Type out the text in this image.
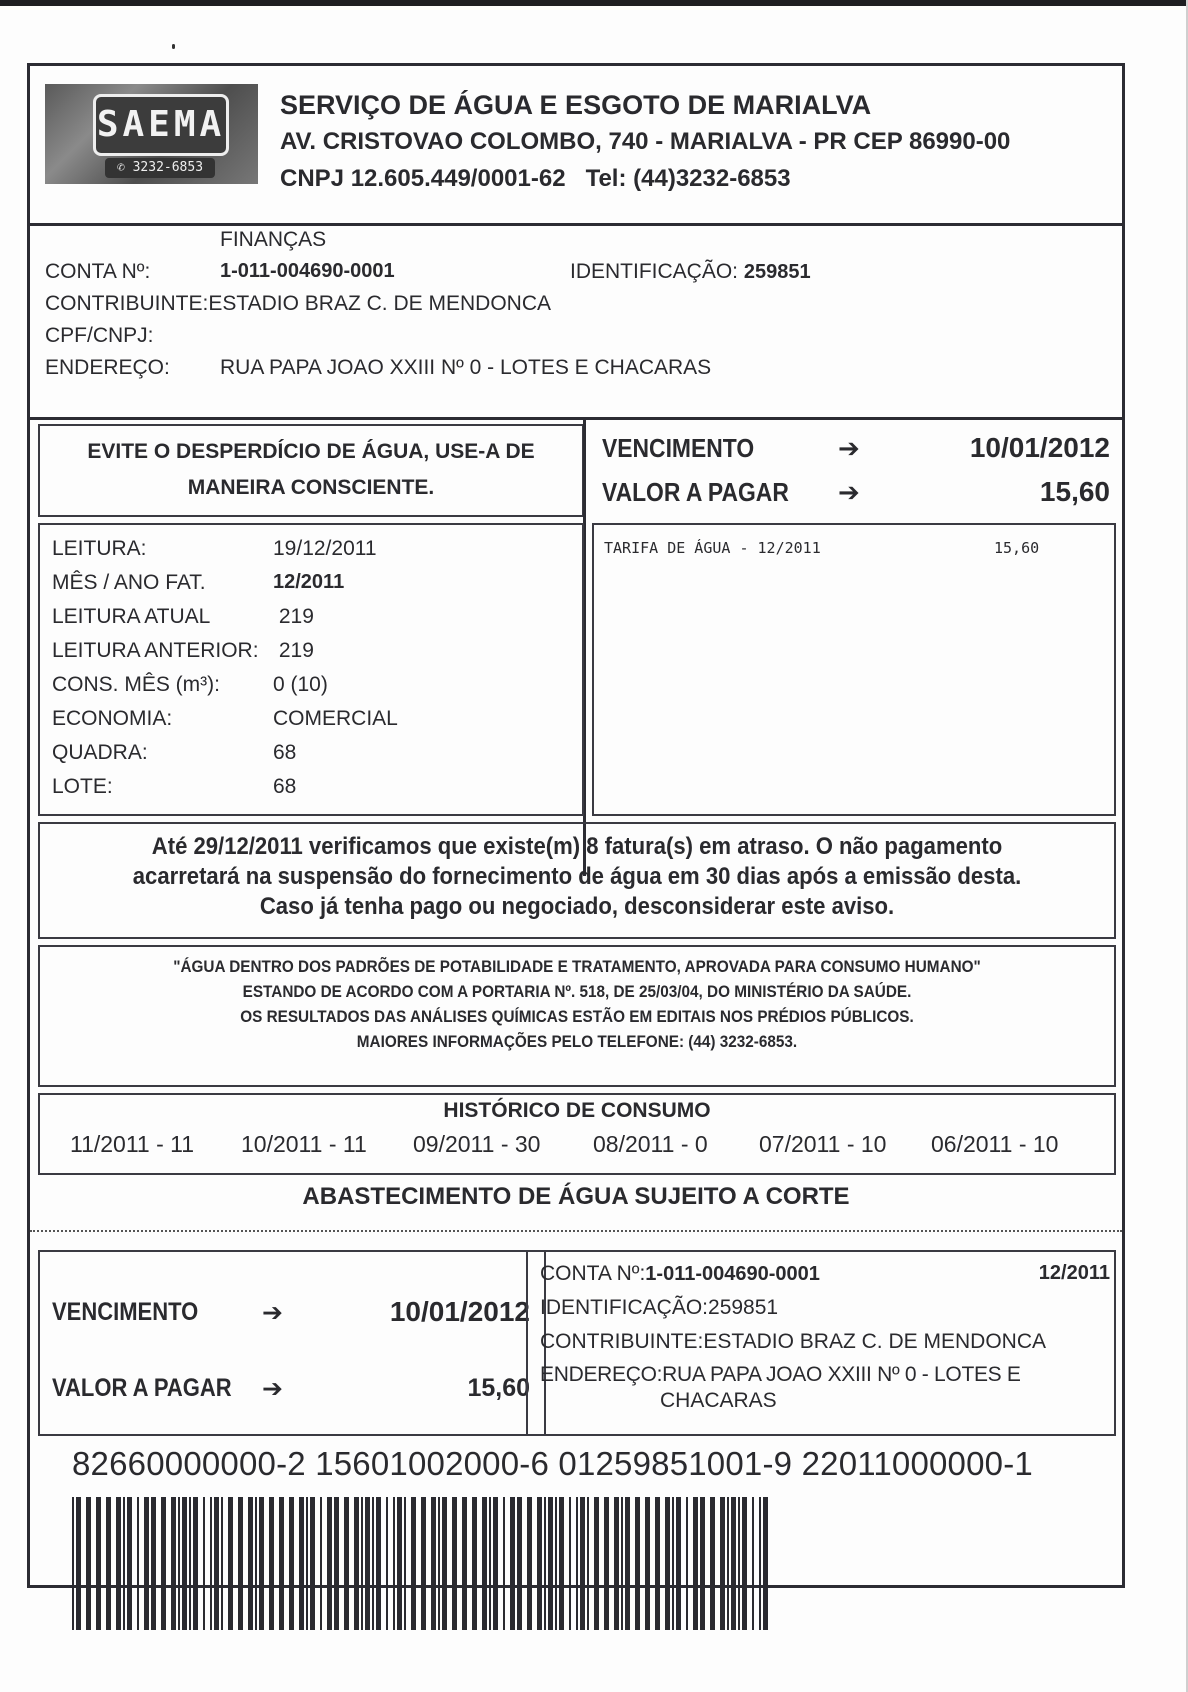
SAEMA
✆ 3232-6853
SERVIÇO DE ÁGUA E ESGOTO DE MARIALVA
AV. CRISTOVAO COLOMBO, 740 - MARIALVA - PR CEP 86990-00
CNPJ 12.605.449/0001-62 Tel: (44)3232-6853
FINANÇAS
CONTA Nº:	1-011-004690-0001	IDENTIFICAÇÃO: 259851
CONTRIBUINTE:ESTADIO BRAZ C. DE MENDONCA
CPF/CNPJ:
ENDEREÇO: RUA PAPA JOAO XXIII Nº 0 - LOTES E CHACARAS
EVITE O DESPERDÍCIO DE ÁGUA, USE-A DE
MANEIRA CONSCIENTE.
VENCIMENTO	➔	10/01/2012
VALOR A PAGAR ➔	15,60
LEITURA:	19/12/2011
MÊS / ANO FAT.	12/2011
LEITURA ATUAL	219
LEITURA ANTERIOR: 219
CONS. MÊS (m³):	0 (10)
ECONOMIA:	COMERCIAL
QUADRA:	68
LOTE:	68
TARIFA DE ÁGUA - 12/2011	15,60
Até 29/12/2011 verificamos que existe(m) 8 fatura(s) em atraso. O não pagamento
acarretará na suspensão do fornecimento de água em 30 dias após a emissão desta.
Caso já tenha pago ou negociado, desconsiderar este aviso.
"ÁGUA DENTRO DOS PADRÕES DE POTABILIDADE E TRATAMENTO, APROVADA PARA CONSUMO HUMANO"
ESTANDO DE ACORDO COM A PORTARIA Nº. 518, DE 25/03/04, DO MINISTÉRIO DA SAÚDE.
OS RESULTADOS DAS ANÁLISES QUÍMICAS ESTÃO EM EDITAIS NOS PRÉDIOS PÚBLICOS.
MAIORES INFORMAÇÕES PELO TELEFONE: (44) 3232-6853.
HISTÓRICO DE CONSUMO
11/2011 - 11 10/2011 - 11 09/2011 - 30 08/2011 - 0 07/2011 - 10 06/2011 - 10
ABASTECIMENTO DE ÁGUA SUJEITO A CORTE
VENCIMENTO	➔	10/01/2012
VALOR A PAGAR ➔	15,60
CONTA Nº:1-011-004690-0001	12/2011
IDENTIFICAÇÃO:259851
CONTRIBUINTE:ESTADIO BRAZ C. DE MENDONCA
ENDEREÇO:RUA PAPA JOAO XXIII Nº 0 - LOTES E
CHACARAS
82660000000-2 15601002000-6 01259851001-9 22011000000-1
